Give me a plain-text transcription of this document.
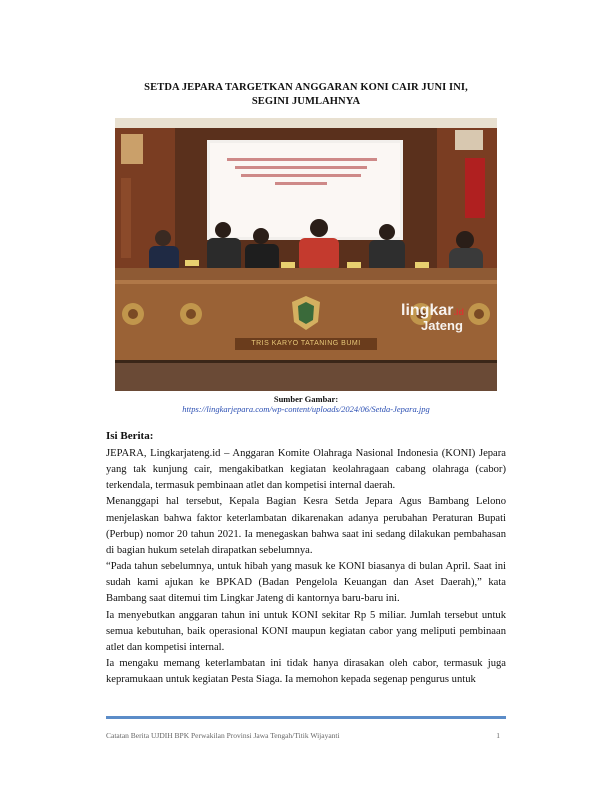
SETDA JEPARA TARGETKAN ANGGARAN KONI CAIR JUNI INI,
SEGINI JUMLAHNYA
TRIS KARYO TATANING BUMI
lingkar.id
Jateng
Sumber Gambar:
https://lingkarjepara.com/wp-content/uploads/2024/06/Setda-Jepara.jpg
Isi Berita:

JEPARA, Lingkarjateng.id – Anggaran Komite Olahraga Nasional Indonesia (KONI) Jepara yang tak kunjung cair, mengakibatkan kegiatan keolahragaan cabang olahraga (cabor) terkendala, termasuk pembinaan atlet dan kompetisi internal daerah.

Menanggapi hal tersebut, Kepala Bagian Kesra Setda Jepara Agus Bambang Lelono menjelaskan bahwa faktor keterlambatan dikarenakan adanya perubahan Peraturan Bupati (Perbup) nomor 20 tahun 2021. Ia menegaskan bahwa saat ini sedang dilakukan pembahasan di bagian hukum setelah dirapatkan sebelumnya.

“Pada tahun sebelumnya, untuk hibah yang masuk ke KONI biasanya di bulan April. Saat ini sudah kami ajukan ke BPKAD (Badan Pengelola Keuangan dan Aset Daerah),” kata Bambang saat ditemui tim Lingkar Jateng di kantornya baru-baru ini.

Ia menyebutkan anggaran tahun ini untuk KONI sekitar Rp 5 miliar. Jumlah tersebut untuk semua kebutuhan, baik operasional KONI maupun kegiatan cabor yang meliputi pembinaan atlet dan kompetisi internal.

Ia mengaku memang keterlambatan ini tidak hanya dirasakan oleh cabor, termasuk juga kepramukaan untuk kegiatan Pesta Siaga. Ia memohon kepada segenap pengurus untuk

Catatan Berita UJDIH BPK Perwakilan Provinsi Jawa Tengah/Titik Wijayanti	1
